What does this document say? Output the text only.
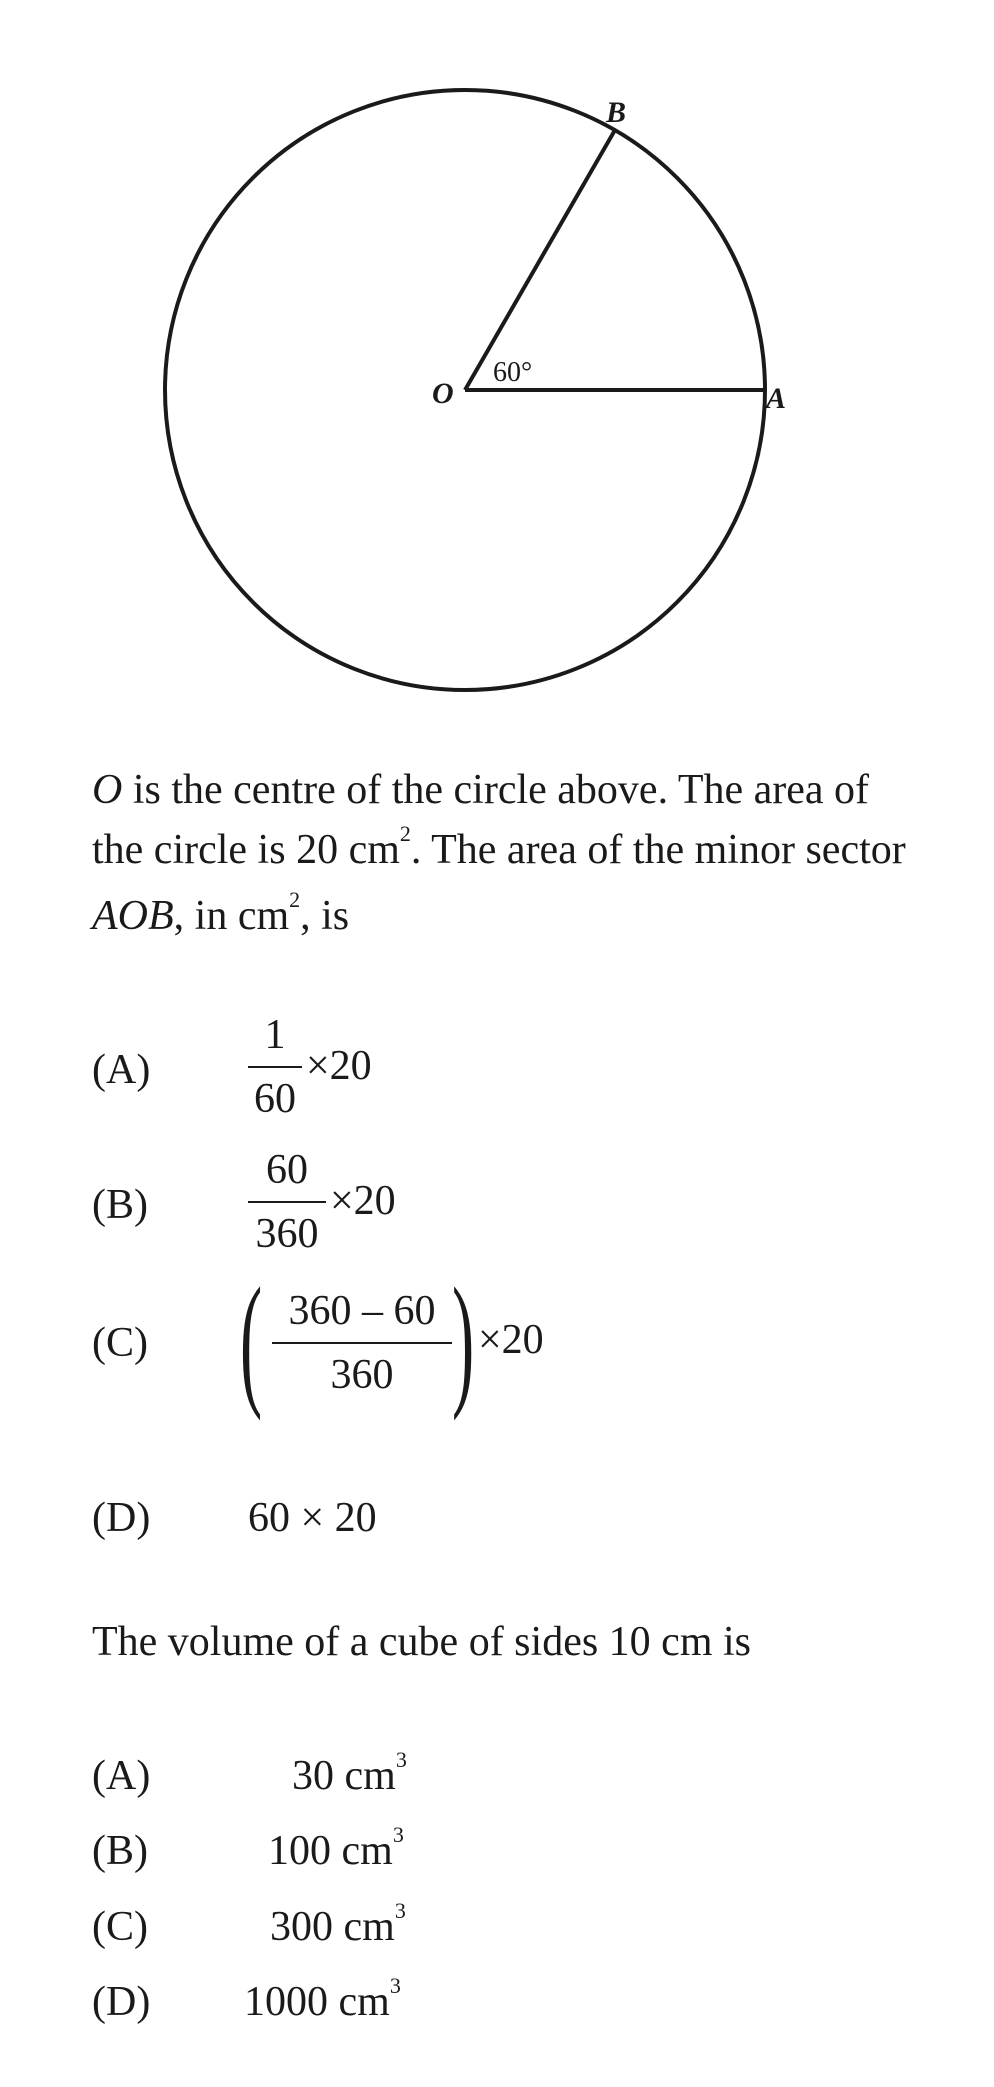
O	A
B
60°
O is the centre of the circle above. The area of
the circle is 20 $cm^2$. The area of the minor sector
AOB, in $cm^2$, is
(A)
1
60
×20
(B)
60
360
×20
(C) ( 360 – 60
360 ) ×20
(D) 60 × 20
The volume of a cube of sides 10 cm is
(A)	30 $cm^3$
(B)	100 $cm^3$
(C)	300 $cm^3$
(D) 1000 $cm^3$
